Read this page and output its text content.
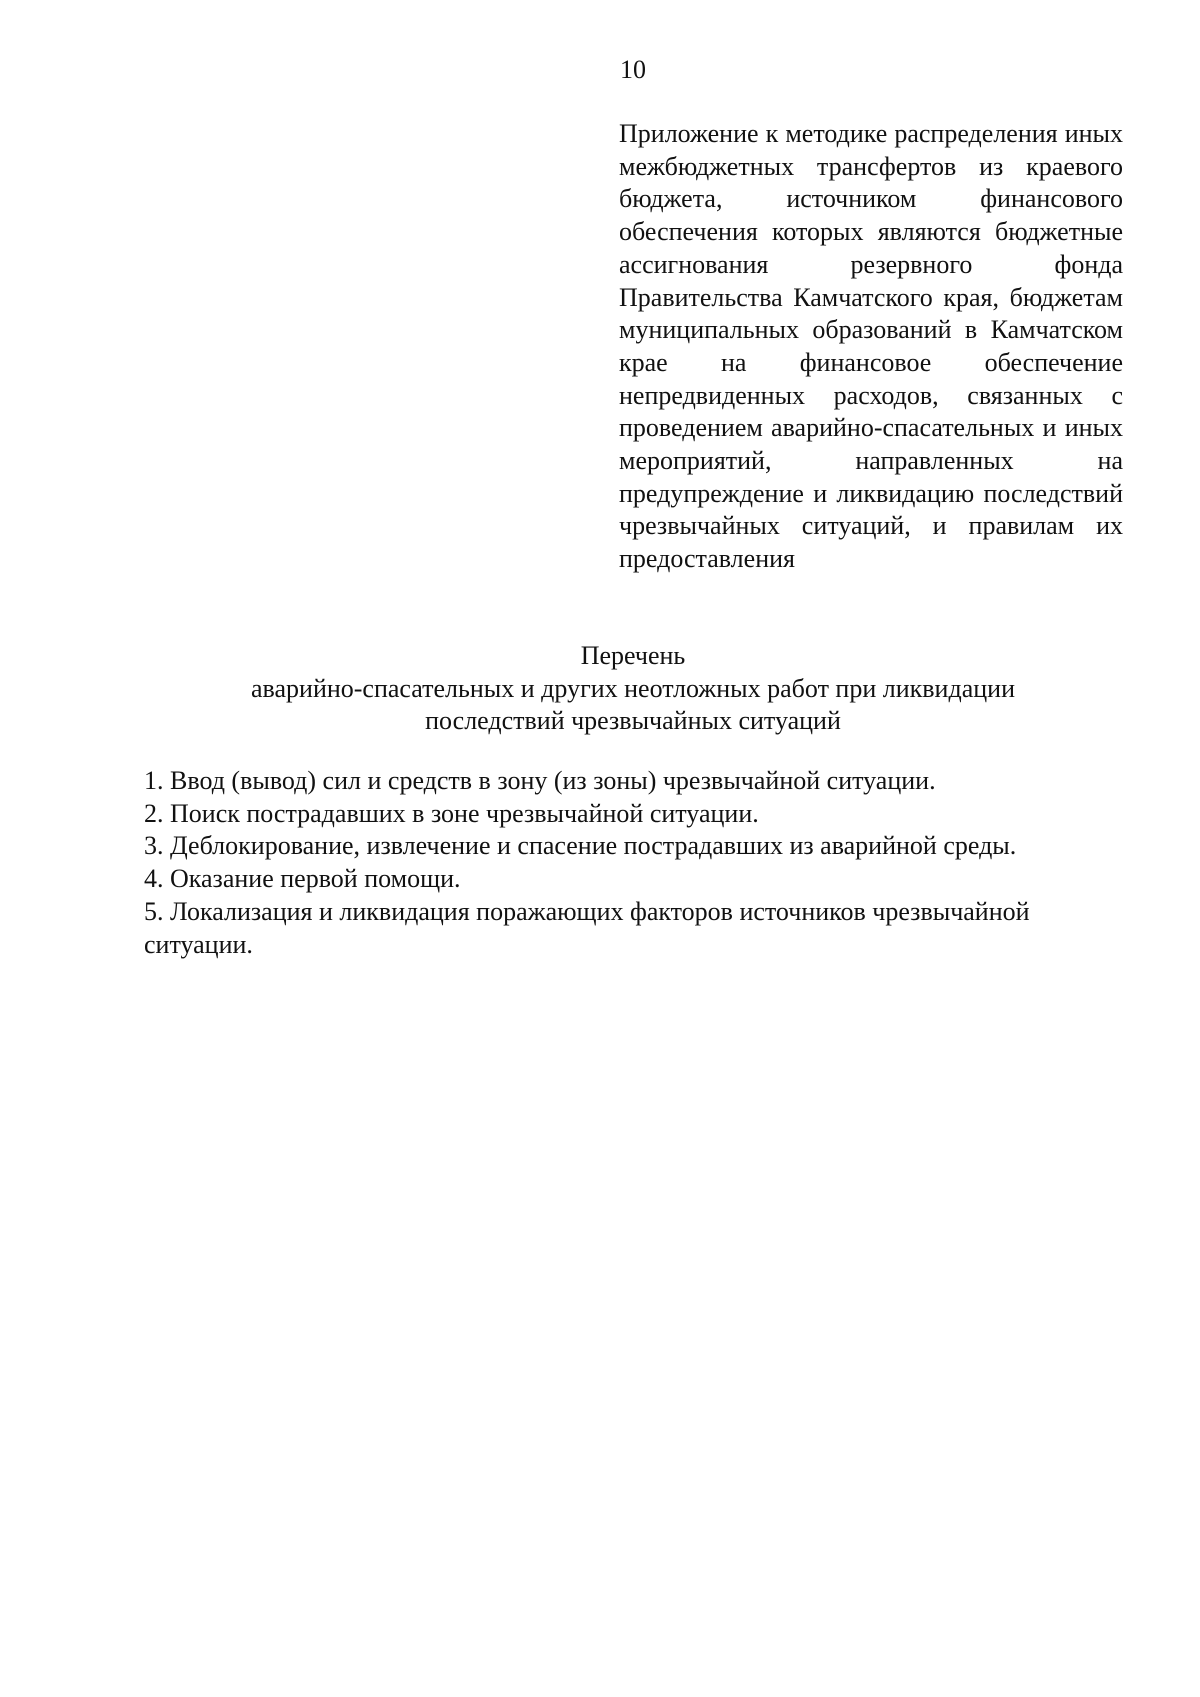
10
Приложение к методике распределения иных межбюджетных трансфертов из краевого бюджета, источником финансового обеспечения которых являются бюджетные ассигнования резервного фонда Правительства Камчатского края, бюджетам муниципальных образований в Камчатском крае на финансовое обеспечение непредвиденных расходов, связанных с проведением аварийно-спасательных и иных мероприятий, направленных на предупреждение и ликвидацию последствий чрезвычайных ситуаций, и правилам их предоставления
Перечень
аварийно-спасательных и других неотложных работ при ликвидации
последствий чрезвычайных ситуаций
1. Ввод (вывод) сил и средств в зону (из зоны) чрезвычайной ситуации.
2. Поиск пострадавших в зоне чрезвычайной ситуации.
3. Деблокирование, извлечение и спасение пострадавших из аварийной среды.
4. Оказание первой помощи.
5. Локализация и ликвидация поражающих факторов источников чрезвычайной ситуации.
